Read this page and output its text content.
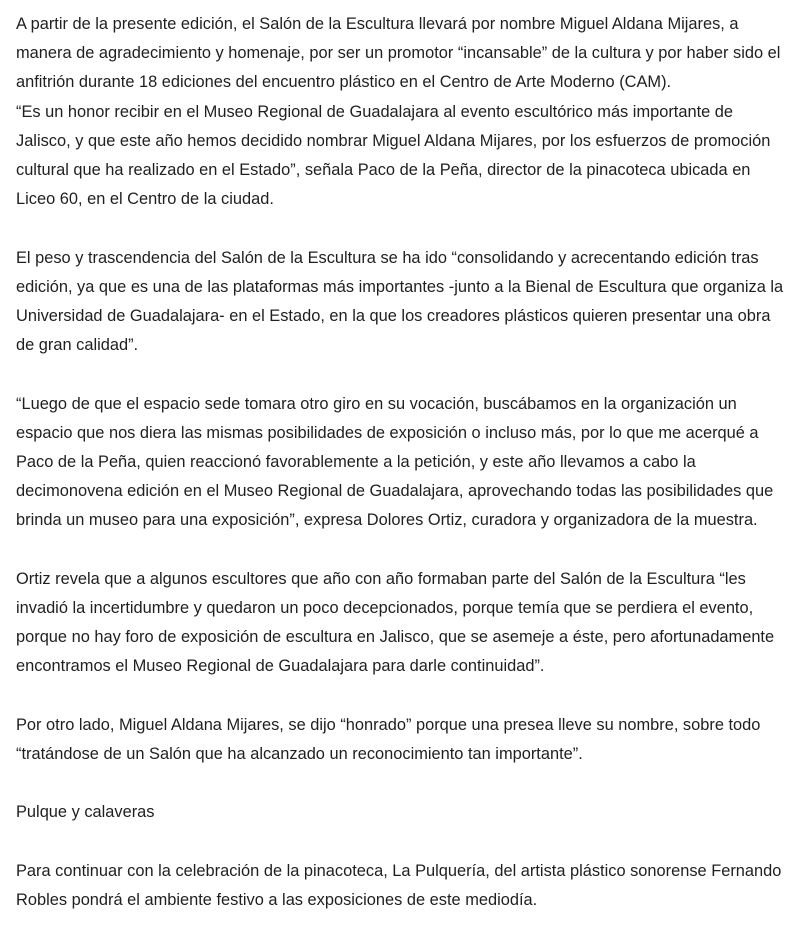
A partir de la presente edición, el Salón de la Escultura llevará por nombre Miguel Aldana Mijares, a manera de agradecimiento y homenaje, por ser un promotor “incansable” de la cultura y por haber sido el anfitrión durante 18 ediciones del encuentro plástico en el Centro de Arte Moderno (CAM).

“Es un honor recibir en el Museo Regional de Guadalajara al evento escultórico más importante de Jalisco, y que este año hemos decidido nombrar Miguel Aldana Mijares, por los esfuerzos de promoción cultural que ha realizado en el Estado”, señala Paco de la Peña, director de la pinacoteca ubicada en Liceo 60, en el Centro de la ciudad.

El peso y trascendencia del Salón de la Escultura se ha ido “consolidando y acrecentando edición tras edición, ya que es una de las plataformas más importantes -junto a la Bienal de Escultura que organiza la Universidad de Guadalajara- en el Estado, en la que los creadores plásticos quieren presentar una obra de gran calidad”.

“Luego de que el espacio sede tomara otro giro en su vocación, buscábamos en la organización un espacio que nos diera las mismas posibilidades de exposición o incluso más, por lo que me acerqué a Paco de la Peña, quien reaccionó favorablemente a la petición, y este año llevamos a cabo la decimonovena edición en el Museo Regional de Guadalajara, aprovechando todas las posibilidades que brinda un museo para una exposición”, expresa Dolores Ortiz, curadora y organizadora de la muestra.

Ortiz revela que a algunos escultores que año con año formaban parte del Salón de la Escultura “les invadió la incertidumbre y quedaron un poco decepcionados, porque temía que se perdiera el evento, porque no hay foro de exposición de escultura en Jalisco, que se asemeje a éste, pero afortunadamente encontramos el Museo Regional de Guadalajara para darle continuidad”.

Por otro lado, Miguel Aldana Mijares, se dijo “honrado” porque una presea lleve su nombre, sobre todo “tratándose de un Salón que ha alcanzado un reconocimiento tan importante”.

Pulque y calaveras

Para continuar con la celebración de la pinacoteca, La Pulquería, del artista plástico sonorense Fernando Robles pondrá el ambiente festivo a las exposiciones de este mediodía.
